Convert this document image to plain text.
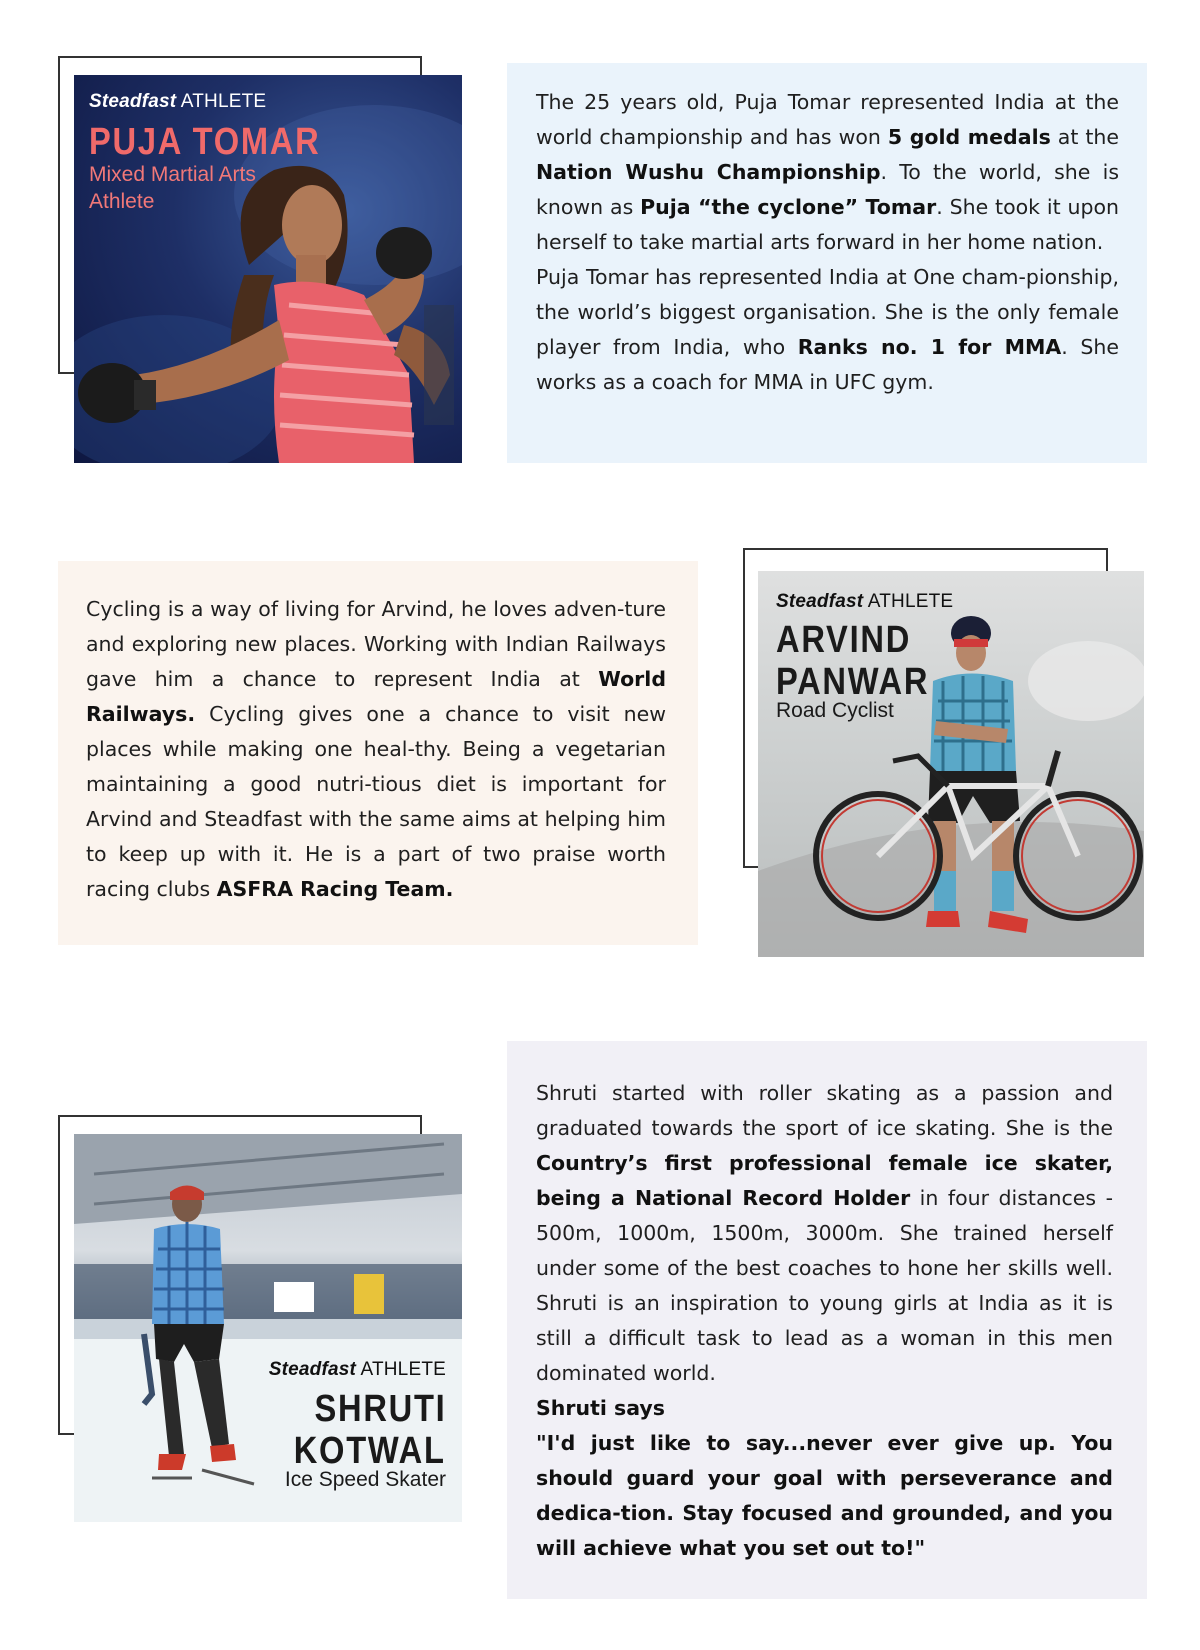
Steadfast ATHLETE
PUJA TOMAR
Mixed Martial Arts
Athlete

The 25 years old, Puja Tomar represented India at the world championship and has won 5 gold medals at the Nation Wushu Championship. To the world, she is known as Puja “the cyclone” Tomar. She took it upon herself to take martial arts forward in her home nation.

Puja Tomar has represented India at One cham-pionship, the world’s biggest organisation. She is the only female player from India, who Ranks no. 1 for MMA. She works as a coach for MMA in UFC gym.

Cycling is a way of living for Arvind, he loves adven-ture and exploring new places. Working with Indian Railways gave him a chance to represent India at World Railways. Cycling gives one a chance to visit new places while making one heal-thy. Being a vegetarian maintaining a good nutri-tious diet is important for Arvind and Steadfast with the same aims at helping him to keep up with it. He is a part of two praise worth racing clubs ASFRA Racing Team.

Steadfast ATHLETE
ARVIND
PANWAR
Road Cyclist
Steadfast ATHLETE
SHRUTI
KOTWAL
Ice Speed Skater

Shruti started with roller skating as a passion and graduated towards the sport of ice skating. She is the Country’s first professional female ice skater, being a National Record Holder in four distances - 500m, 1000m, 1500m, 3000m. She trained herself under some of the best coaches to hone her skills well. Shruti is an inspiration to young girls at India as it is still a difficult task to lead as a woman in this men dominated world.

Shruti says

"I'd just like to say...never ever give up. You should guard your goal with perseverance and dedica-tion. Stay focused and grounded, and you will achieve what you set out to!"
